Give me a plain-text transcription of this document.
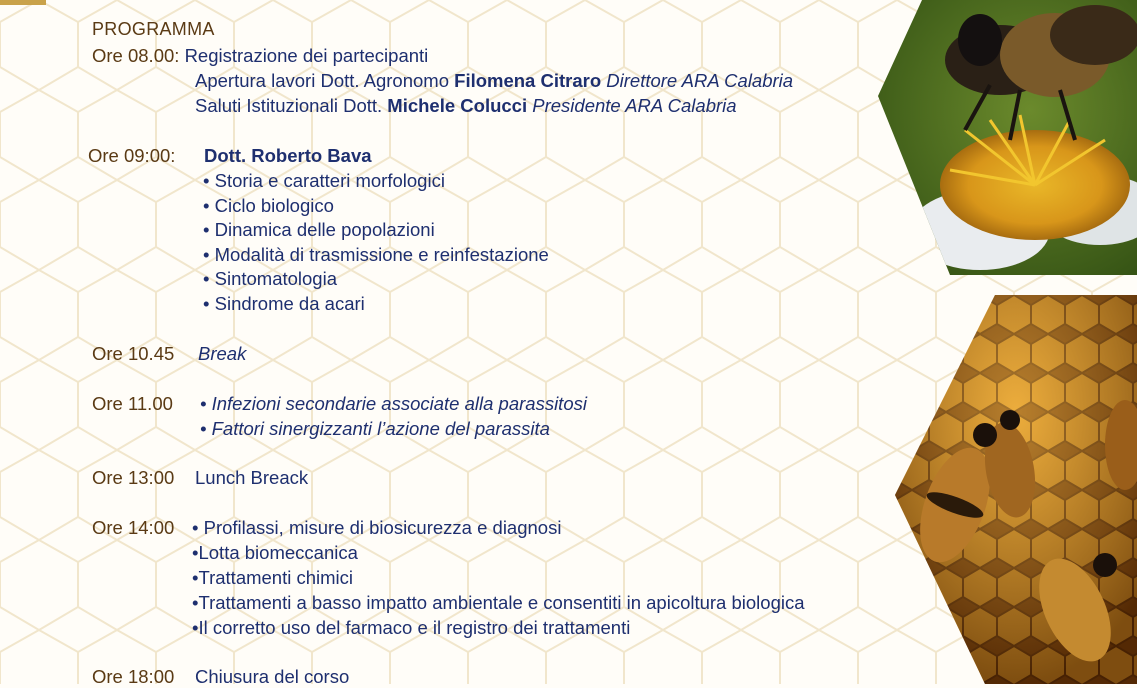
PROGRAMMA
Ore 08.00: Registrazione dei partecipanti
Apertura lavori Dott. Agronomo Filomena Citraro Direttore ARA Calabria
Saluti Istituzionali Dott. Michele Colucci Presidente ARA Calabria
Ore 09:00: Dott. Roberto Bava
• Storia e caratteri morfologici
• Ciclo biologico
• Dinamica delle popolazioni
• Modalità di trasmissione e reinfestazione
• Sintomatologia
• Sindrome da acari
Ore 10.45 Break
Ore 11.00 • Infezioni secondarie associate alla parassitosi
• Fattori sinergizzanti l’azione del parassita
Ore 13:00 Lunch Breack
Ore 14:00 • Profilassi, misure di biosicurezza e diagnosi
•Lotta biomeccanica
•Trattamenti chimici
•Trattamenti a basso impatto ambientale e consentiti in apicoltura biologica
•Il corretto uso del farmaco e il registro dei trattamenti
Ore 18:00 Chiusura del corso
